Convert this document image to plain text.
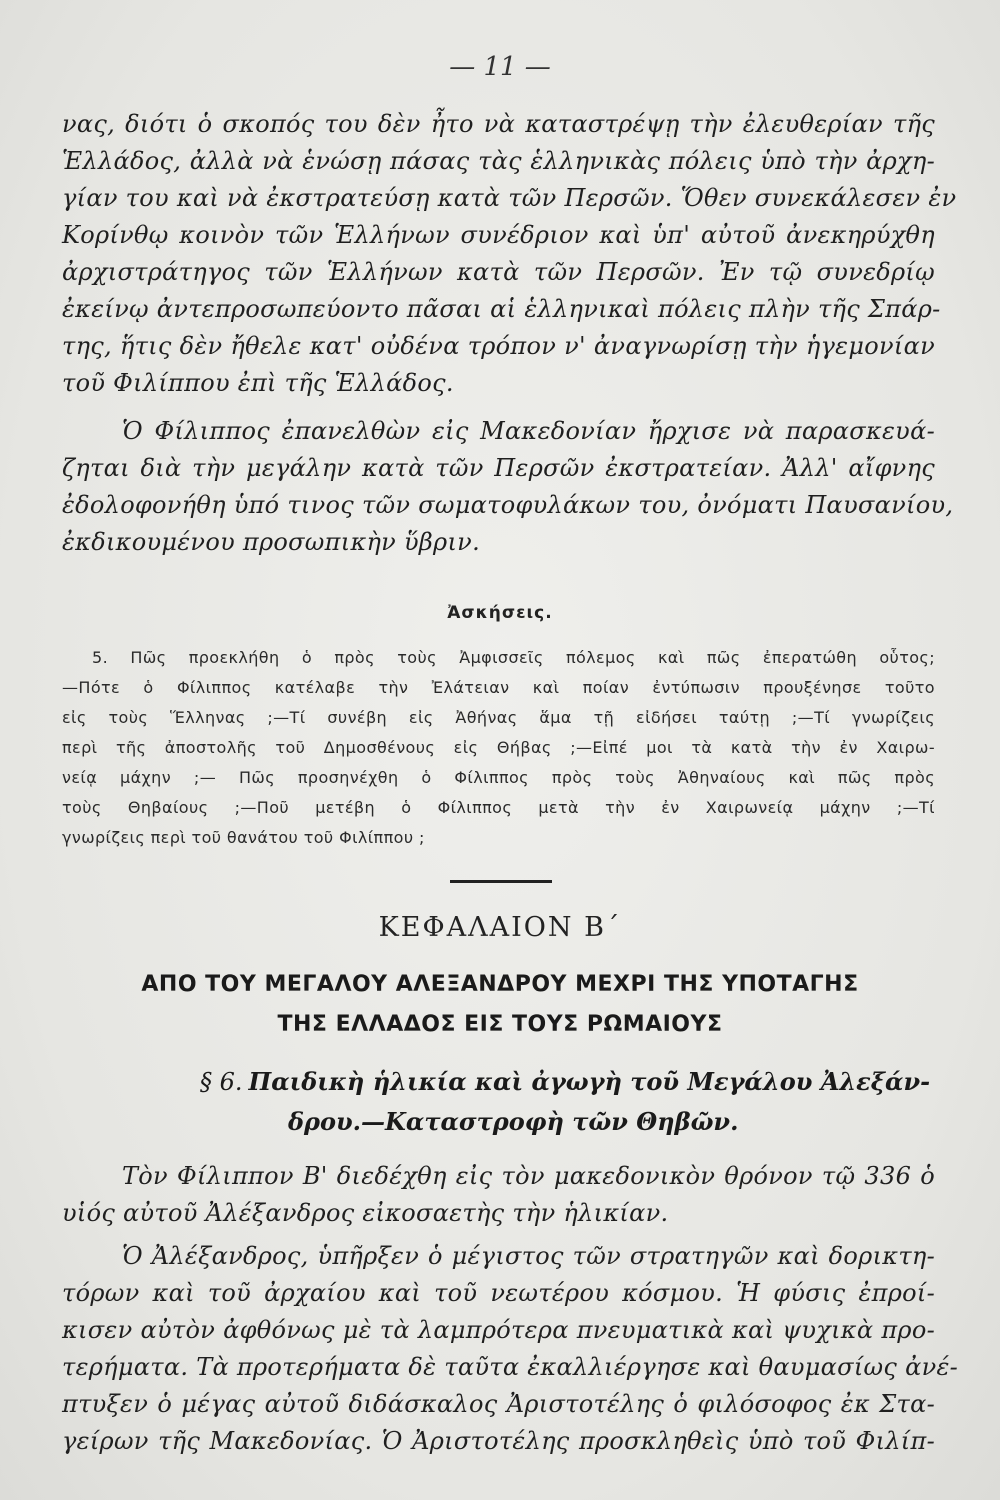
— 11 —
νας, διότι ὁ σκοπός του δὲν ἦτο νὰ καταστρέψῃ τὴν ἐλευθερίαν τῆς
Ἑλλάδος, ἀλλὰ νὰ ἑνώσῃ πάσας τὰς ἑλληνικὰς πόλεις ὑπὸ τὴν ἀρχη-
γίαν του καὶ νὰ ἐκστρατεύσῃ κατὰ τῶν Περσῶν. Ὅθεν συνεκάλεσεν ἐν
Κορίνθῳ κοινὸν τῶν Ἑλλήνων συνέδριον καὶ ὑπ' αὐτοῦ ἀνεκηρύχθη
ἀρχιστράτηγος τῶν Ἑλλήνων κατὰ τῶν Περσῶν. Ἐν τῷ συνεδρίῳ
ἐκείνῳ ἀντεπροσωπεύοντο πᾶσαι αἱ ἑλληνικαὶ πόλεις πλὴν τῆς Σπάρ-
της, ἥτις δὲν ἤθελε κατ' οὐδένα τρόπον ν' ἀναγνωρίσῃ τὴν ἡγεμονίαν
τοῦ Φιλίππου ἐπὶ τῆς Ἑλλάδος.
Ὁ Φίλιππος ἐπανελθὼν εἰς Μακεδονίαν ἤρχισε νὰ παρασκευά-
ζηται διὰ τὴν μεγάλην κατὰ τῶν Περσῶν ἐκστρατείαν. Ἀλλ' αἴφνης
ἐδολοφονήθη ὑπό τινος τῶν σωματοφυλάκων του, ὀνόματι Παυσανίου,
ἐκδικουμένου προσωπικὴν ὕβριν.
Ἀσκήσεις.
5. Πῶς προεκλήθη ὁ πρὸς τοὺς Ἀμφισσεῖς πόλεμος καὶ πῶς ἐπερατώθη οὗτος;
—Πότε ὁ Φίλιππος κατέλαβε τὴν Ἐλάτειαν καὶ ποίαν ἐντύπωσιν προυξένησε τοῦτο
εἰς τοὺς Ἕλληνας ;—Τί συνέβη εἰς Ἀθήνας ἅμα τῇ εἰδήσει ταύτῃ ;—Τί γνωρίζεις
περὶ τῆς ἀποστολῆς τοῦ Δημοσθένους εἰς Θήβας ;—Εἰπέ μοι τὰ κατὰ τὴν ἐν Χαιρω-
νείᾳ μάχην ;— Πῶς προσηνέχθη ὁ Φίλιππος πρὸς τοὺς Ἀθηναίους καὶ πῶς πρὸς
τοὺς Θηβαίους ;—Ποῦ μετέβη ὁ Φίλιππος μετὰ τὴν ἐν Χαιρωνείᾳ μάχην ;—Τί
γνωρίζεις περὶ τοῦ θανάτου τοῦ Φιλίππου ;
ΚΕΦΑΛΑΙΟΝ Β΄
ΑΠΟ ΤΟΥ ΜΕΓΑΛΟΥ ΑΛΕΞΑΝΔΡΟΥ ΜΕΧΡΙ ΤΗΣ ΥΠΟΤΑΓΗΣ
ΤΗΣ ΕΛΛΑΔΟΣ ΕΙΣ ΤΟΥΣ ΡΩΜΑΙΟΥΣ
§ 6. Παιδικὴ ἡλικία καὶ ἀγωγὴ τοῦ Μεγάλου Ἀλεξάν-
δρου.—Καταστροφὴ τῶν Θηβῶν.
Τὸν Φίλιππον Β' διεδέχθη εἰς τὸν μακεδονικὸν θρόνον τῷ 336 ὁ
υἱός αὐτοῦ Ἀλέξανδρος εἰκοσαετὴς τὴν ἡλικίαν.
Ὁ Ἀλέξανδρος, ὑπῆρξεν ὁ μέγιστος τῶν στρατηγῶν καὶ δορικτη-
τόρων καὶ τοῦ ἀρχαίου καὶ τοῦ νεωτέρου κόσμου. Ἡ φύσις ἐπροί-
κισεν αὐτὸν ἀφθόνως μὲ τὰ λαμπρότερα πνευματικὰ καὶ ψυχικὰ προ-
τερήματα. Τὰ προτερήματα δὲ ταῦτα ἐκαλλιέργησε καὶ θαυμασίως ἀνέ-
πτυξεν ὁ μέγας αὐτοῦ διδάσκαλος Ἀριστοτέλης ὁ φιλόσοφος ἐκ Στα-
γείρων τῆς Μακεδονίας. Ὁ Ἀριστοτέλης προσκληθεὶς ὑπὸ τοῦ Φιλίπ-
